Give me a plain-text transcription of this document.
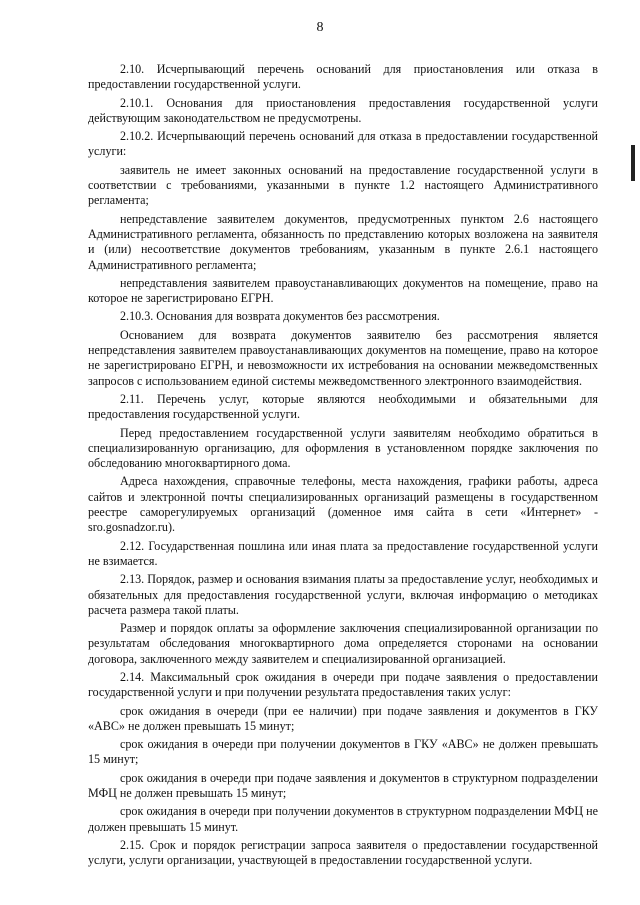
8

2.10. Исчерпывающий перечень оснований для приостановления или отказа в предоставлении государственной услуги.

2.10.1. Основания для приостановления предоставления государственной услуги действующим законодательством не предусмотрены.

2.10.2. Исчерпывающий перечень оснований для отказа в предоставлении государственной услуги:

заявитель не имеет законных оснований на предоставление государственной услуги в соответствии с требованиями, указанными в пункте 1.2 настоящего Административного регламента;

непредставление заявителем документов, предусмотренных пунктом 2.6 настоящего Административного регламента, обязанность по представлению которых возложена на заявителя и (или) несоответствие документов требованиям, указанным в пункте 2.6.1 настоящего Административного регламента;

непредставления заявителем правоустанавливающих документов на помещение, право на которое не зарегистрировано ЕГРН.

2.10.3. Основания для возврата документов без рассмотрения.

Основанием для возврата документов заявителю без рассмотрения является непредставления заявителем правоустанавливающих документов на помещение, право на которое не зарегистрировано ЕГРН, и невозможности их истребования на основании межведомственных запросов с использованием единой системы межведомственного электронного взаимодействия.

2.11. Перечень услуг, которые являются необходимыми и обязательными для предоставления государственной услуги.

Перед предоставлением государственной услуги заявителям необходимо обратиться в специализированную организацию, для оформления в установленном порядке заключения по обследованию многоквартирного дома.

Адреса нахождения, справочные телефоны, места нахождения, графики работы, адреса сайтов и электронной почты специализированных организаций размещены в государственном реестре саморегулируемых организаций (доменное имя сайта в сети «Интернет» - sro.gosnadzor.ru).

2.12. Государственная пошлина или иная плата за предоставление государственной услуги не взимается.

2.13. Порядок, размер и основания взимания платы за предоставление услуг, необходимых и обязательных для предоставления государственной услуги, включая информацию о методиках расчета размера такой платы.

Размер и порядок оплаты за оформление заключения специализированной организации по результатам обследования многоквартирного дома определяется сторонами на основании договора, заключенного между заявителем и специализированной организацией.

2.14. Максимальный срок ожидания в очереди при подаче заявления о предоставлении государственной услуги и при получении результата предоставления таких услуг:

срок ожидания в очереди (при ее наличии) при подаче заявления и документов в ГКУ «АВС» не должен превышать 15 минут;

срок ожидания в очереди при получении документов в ГКУ «АВС» не должен превышать 15 минут;

срок ожидания в очереди при подаче заявления и документов в структурном подразделении МФЦ не должен превышать 15 минут;

срок ожидания в очереди при получении документов в структурном подразделении МФЦ не должен превышать 15 минут.

2.15. Срок и порядок регистрации запроса заявителя о предоставлении государственной услуги, услуги организации, участвующей в предоставлении государственной услуги.
